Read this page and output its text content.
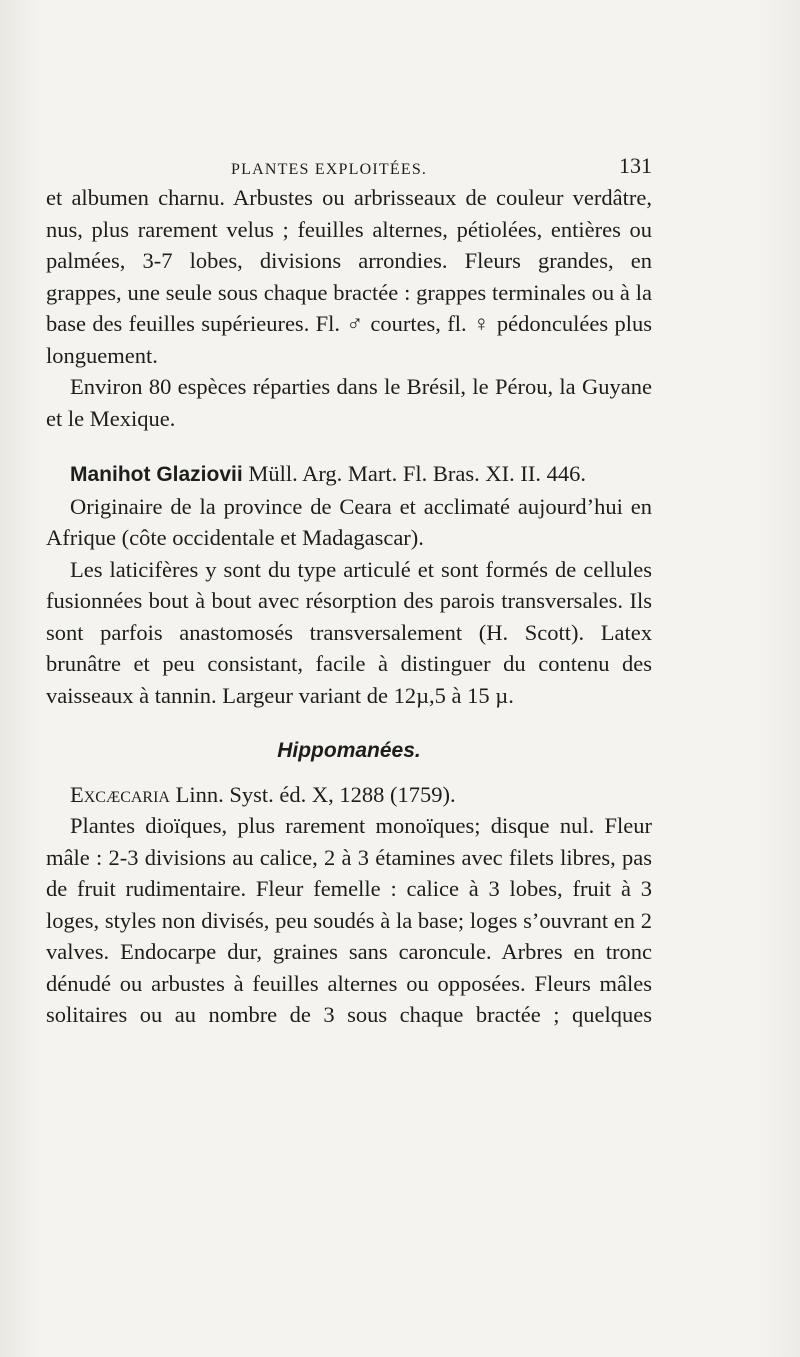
PLANTES EXPLOITÉES.	131

et albumen charnu. Arbustes ou arbrisseaux de couleur verdâtre, nus, plus rarement velus ; feuilles alternes, pétiolées, entières ou palmées, 3-7 lobes, divisions arrondies. Fleurs grandes, en grappes, une seule sous chaque bractée : grappes terminales ou à la base des feuilles supérieures. Fl. ♂ courtes, fl. ♀ pédonculées plus longuement.

Environ 80 espèces réparties dans le Brésil, le Pérou, la Guyane et le Mexique.

Manihot Glaziovii Müll. Arg. Mart. Fl. Bras. XI. II. 446.

Originaire de la province de Ceara et acclimaté aujourd’hui en Afrique (côte occidentale et Madagascar).

Les laticifères y sont du type articulé et sont formés de cellules fusionnées bout à bout avec résorption des parois transversales. Ils sont parfois anastomosés transversalement (H. Scott). Latex brunâtre et peu consistant, facile à distinguer du contenu des vaisseaux à tannin. Largeur variant de 12µ,5 à 15 µ.

Hippomanées.

Excæcaria Linn. Syst. éd. X, 1288 (1759).

Plantes dioïques, plus rarement monoïques; disque nul. Fleur mâle : 2-3 divisions au calice, 2 à 3 étamines avec filets libres, pas de fruit rudimentaire. Fleur femelle : calice à 3 lobes, fruit à 3 loges, styles non divisés, peu soudés à la base; loges s’ouvrant en 2 valves. Endocarpe dur, graines sans caroncule. Arbres en tronc dénudé ou arbustes à feuilles alternes ou opposées. Fleurs mâles solitaires ou au nombre de 3 sous chaque bractée ; quelques
